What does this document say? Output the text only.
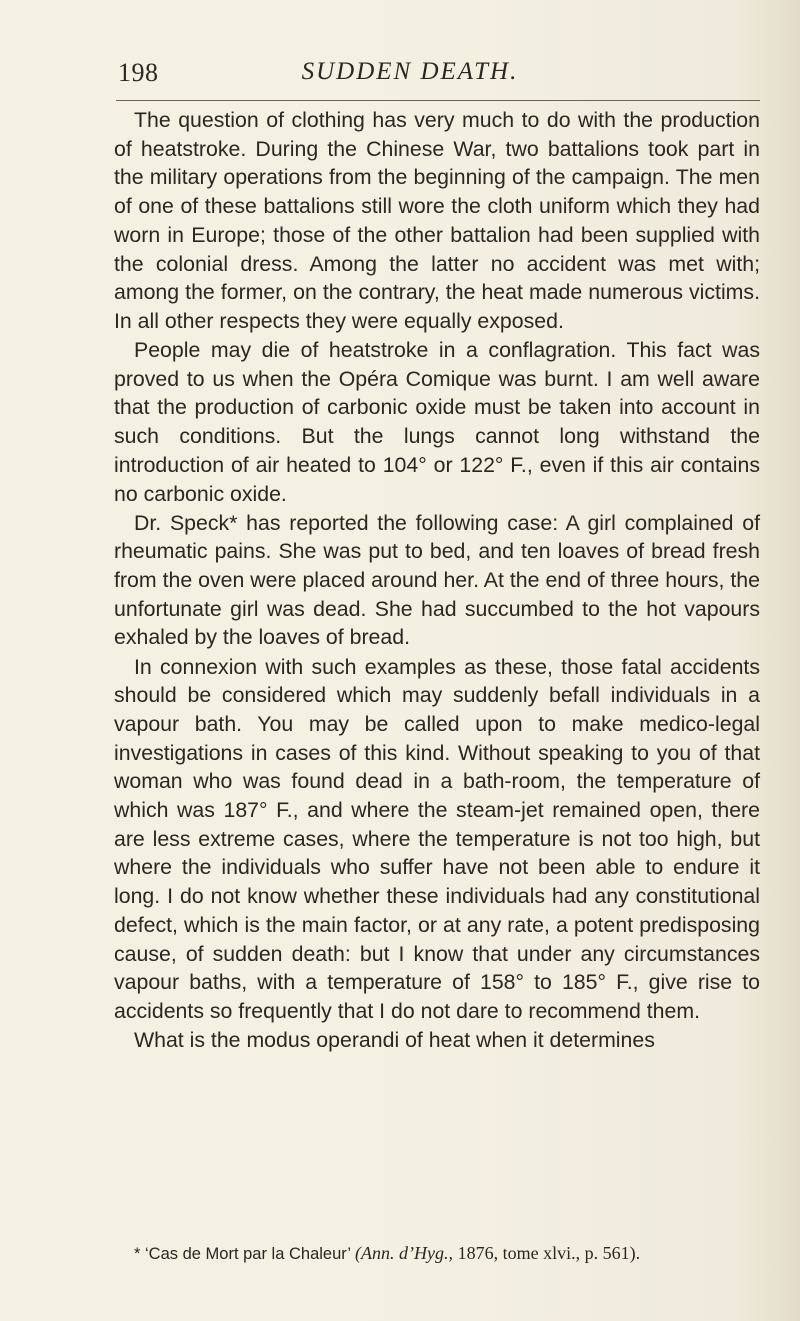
198	SUDDEN DEATH.

The question of clothing has very much to do with the production of heatstroke. During the Chinese War, two battalions took part in the military operations from the beginning of the campaign. The men of one of these battalions still wore the cloth uniform which they had worn in Europe; those of the other battalion had been supplied with the colonial dress. Among the latter no accident was met with; among the former, on the contrary, the heat made numerous victims. In all other respects they were equally exposed.

People may die of heatstroke in a conflagration. This fact was proved to us when the Opéra Comique was burnt. I am well aware that the production of carbonic oxide must be taken into account in such conditions. But the lungs cannot long withstand the introduction of air heated to 104° or 122° F., even if this air contains no carbonic oxide.

Dr. Speck* has reported the following case: A girl complained of rheumatic pains. She was put to bed, and ten loaves of bread fresh from the oven were placed around her. At the end of three hours, the unfortunate girl was dead. She had succumbed to the hot vapours exhaled by the loaves of bread.

In connexion with such examples as these, those fatal accidents should be considered which may suddenly befall individuals in a vapour bath. You may be called upon to make medico-legal investigations in cases of this kind. Without speaking to you of that woman who was found dead in a bath-room, the temperature of which was 187° F., and where the steam-jet remained open, there are less extreme cases, where the temperature is not too high, but where the individuals who suffer have not been able to endure it long. I do not know whether these individuals had any constitutional defect, which is the main factor, or at any rate, a potent predisposing cause, of sudden death: but I know that under any circumstances vapour baths, with a temperature of 158° to 185° F., give rise to accidents so frequently that I do not dare to recommend them.

What is the modus operandi of heat when it determines

* ‘Cas de Mort par la Chaleur’ (Ann. d’Hyg., 1876, tome xlvi., p. 561).
